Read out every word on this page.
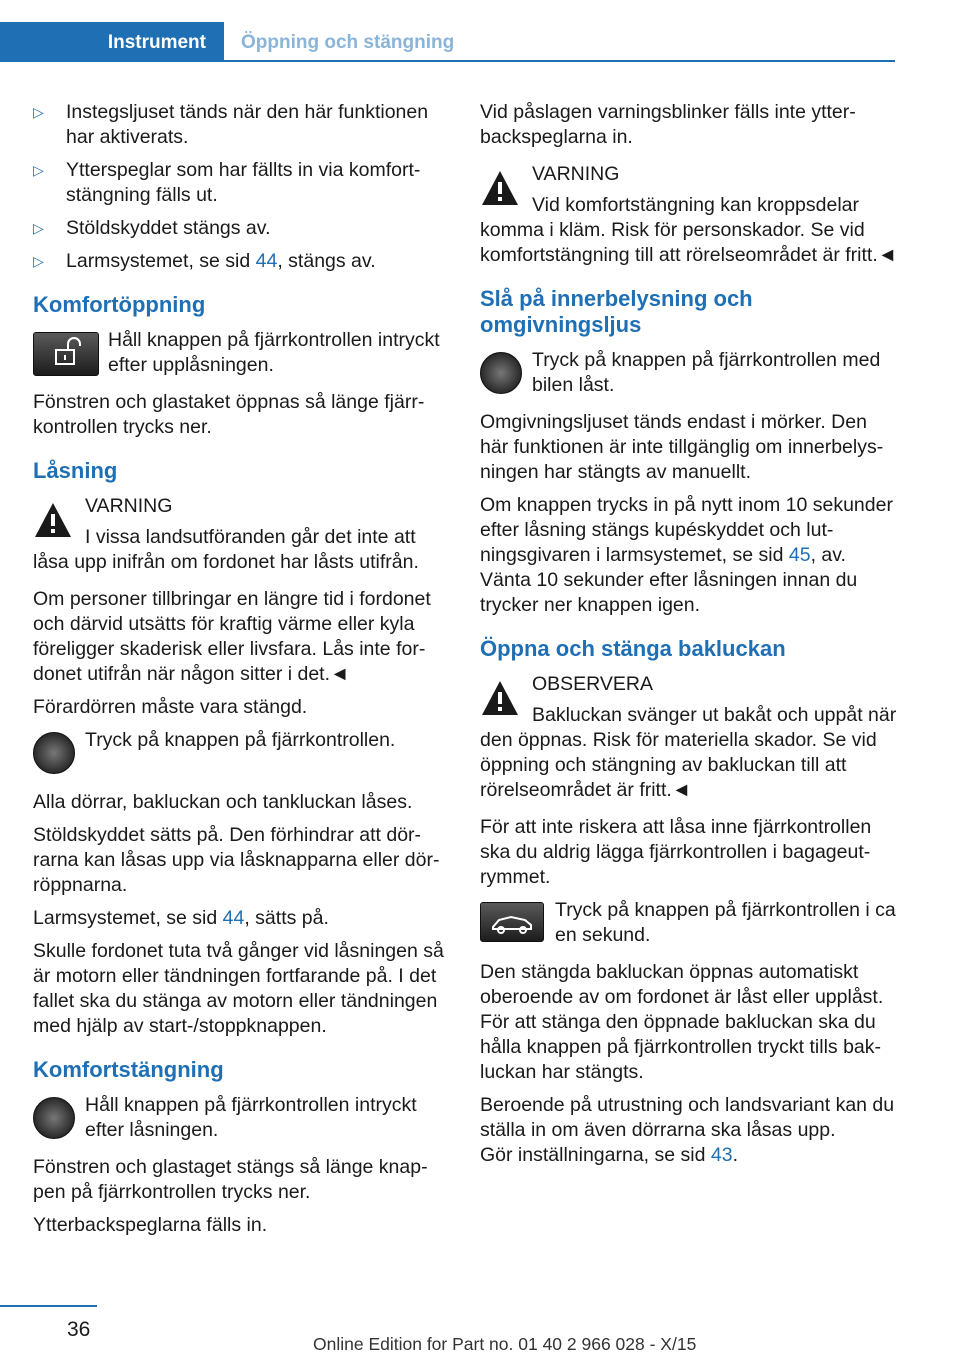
Instrument Öppning och stängning
▷ Instegsljuset tänds när den här funktionen har aktiverats.
▷ Ytterspeglar som har fällts in via komfortstängning fälls ut.
▷ Stöldskyddet stängs av.
▷ Larmsystemet, se sid 44, stängs av.
Komfortöppning
Håll knappen på fjärrkontrollen intryckt efter upplåsningen.

Fönstren och glastaket öppnas så länge fjärrkontrollen trycks ner.

Låsning
VARNING
I vissa landsutföranden går det inte att låsa upp inifrån om fordonet har låsts utifrån.

Om personer tillbringar en längre tid i fordonet och därvid utsätts för kraftig värme eller kyla föreligger skaderisk eller livsfara. Lås inte fordonet utifrån när någon sitter i det.◄

Förardörren måste vara stängd.

Tryck på knappen på fjärrkontrollen.

Alla dörrar, bakluckan och tankluckan låses.

Stöldskyddet sätts på. Den förhindrar att dörrarna kan låsas upp via låsknapparna eller dörröppnarna.

Larmsystemet, se sid 44, sätts på.

Skulle fordonet tuta två gånger vid låsningen så är motorn eller tändningen fortfarande på. I det fallet ska du stänga av motorn eller tändningen med hjälp av start-/stoppknappen.

Komfortstängning
Håll knappen på fjärrkontrollen intryckt efter låsningen.

Fönstren och glastaget stängs så länge knappen på fjärrkontrollen trycks ner.

Ytterbackspeglarna fälls in.

Vid påslagen varningsblinker fälls inte ytterbackspeglarna in.

VARNING
Vid komfortstängning kan kroppsdelar komma i kläm. Risk för personskador. Se vid komfortstängning till att rörelseområdet är fritt.◄
Slå på innerbelysning och omgivningsljus
Tryck på knappen på fjärrkontrollen med bilen låst.

Omgivningsljuset tänds endast i mörker. Den här funktionen är inte tillgänglig om innerbelysningen har stängts av manuellt.

Om knappen trycks in på nytt inom 10 sekunder efter låsning stängs kupéskyddet och lutningsgivaren i larmsystemet, se sid 45, av. Vänta 10 sekunder efter låsningen innan du trycker ner knappen igen.

Öppna och stänga bakluckan
OBSERVERA
Bakluckan svänger ut bakåt och uppåt när den öppnas. Risk för materiella skador. Se vid öppning och stängning av bakluckan till att rörelseområdet är fritt.◄

För att inte riskera att låsa inne fjärrkontrollen ska du aldrig lägga fjärrkontrollen i bagageutrymmet.

Tryck på knappen på fjärrkontrollen i ca en sekund.

Den stängda bakluckan öppnas automatiskt oberoende av om fordonet är låst eller upplåst. För att stänga den öppnade bakluckan ska du hålla knappen på fjärrkontrollen tryckt tills bakluckan har stängts.

Beroende på utrustning och landsvariant kan du ställa in om även dörrarna ska låsas upp.

Gör inställningarna, se sid 43.

36
Online Edition for Part no. 01 40 2 966 028 - X/15
